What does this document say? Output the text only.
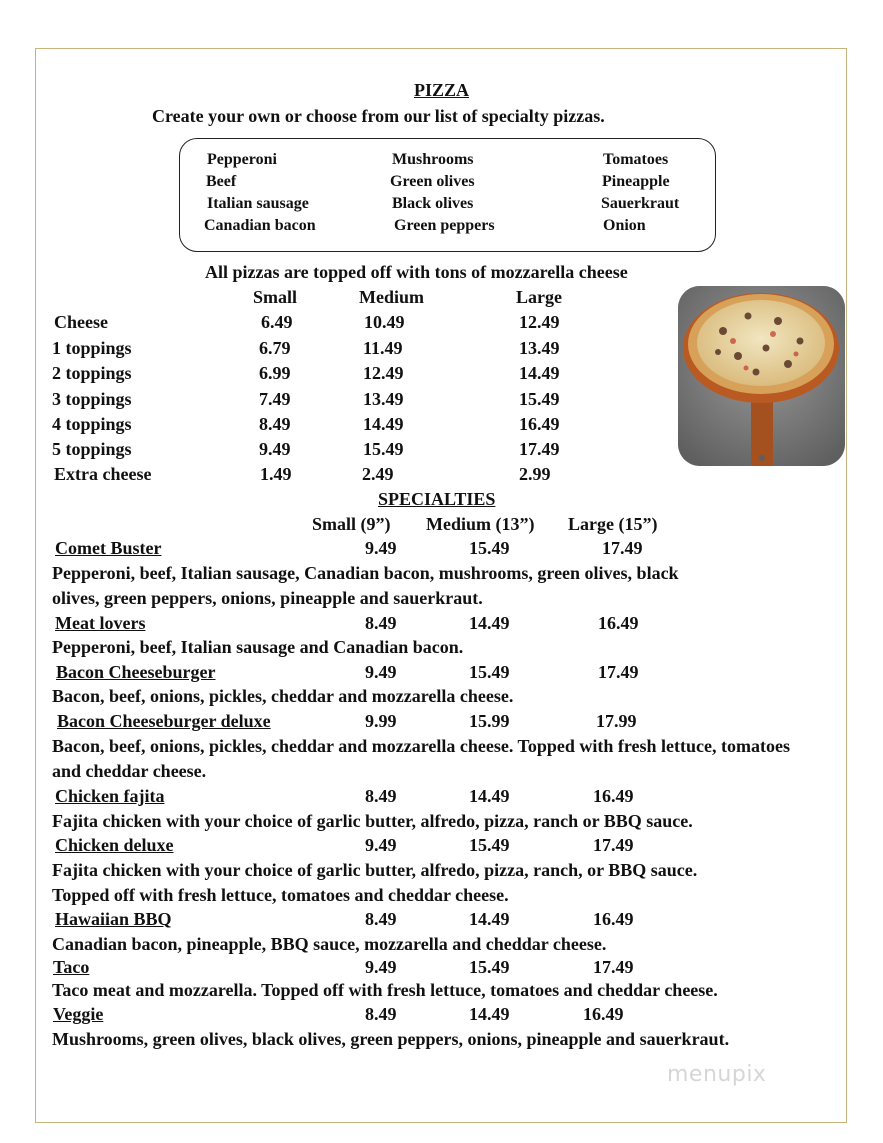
PIZZA
Create your own or choose from our list of specialty pizzas.
Pepperoni
Beef
Italian sausage
Canadian bacon
Mushrooms
Green olives
Black olives
Green peppers
Tomatoes
Pineapple
Sauerkraut
Onion
All pizzas are topped off with tons of mozzarella cheese
Small	Medium	Large
Cheese	6.49	10.49	12.49
1 toppings	6.79	11.49	13.49
2 toppings	6.99	12.49	14.49
3 toppings	7.49	13.49	15.49
4 toppings	8.49	14.49	16.49
5 toppings	9.49	15.49	17.49
Extra cheese	1.49	2.49	2.99
SPECIALTIES
Small (9”) Medium (13”) Large (15”)
Comet Buster	9.49	15.49	17.49
Pepperoni, beef, Italian sausage, Canadian bacon, mushrooms, green olives, black
olives, green peppers, onions, pineapple and sauerkraut.
Meat lovers	8.49	14.49	16.49
Pepperoni, beef, Italian sausage and Canadian bacon.
Bacon Cheeseburger	9.49	15.49	17.49
Bacon, beef, onions, pickles, cheddar and mozzarella cheese.
Bacon Cheeseburger deluxe	9.99	15.99	17.99
Bacon, beef, onions, pickles, cheddar and mozzarella cheese. Topped with fresh lettuce, tomatoes
and cheddar cheese.
Chicken fajita	8.49	14.49	16.49
Fajita chicken with your choice of garlic butter, alfredo, pizza, ranch or BBQ sauce.
Chicken deluxe	9.49	15.49	17.49
Fajita chicken with your choice of garlic butter, alfredo, pizza, ranch, or BBQ sauce.
Topped off with fresh lettuce, tomatoes and cheddar cheese.
Hawaiian BBQ	8.49	14.49	16.49
Canadian bacon, pineapple, BBQ sauce, mozzarella and cheddar cheese.
Taco	9.49	15.49	17.49
Taco meat and mozzarella. Topped off with fresh lettuce, tomatoes and cheddar cheese.
Veggie	8.49	14.49	16.49
Mushrooms, green olives, black olives, green peppers, onions, pineapple and sauerkraut.
menupix
